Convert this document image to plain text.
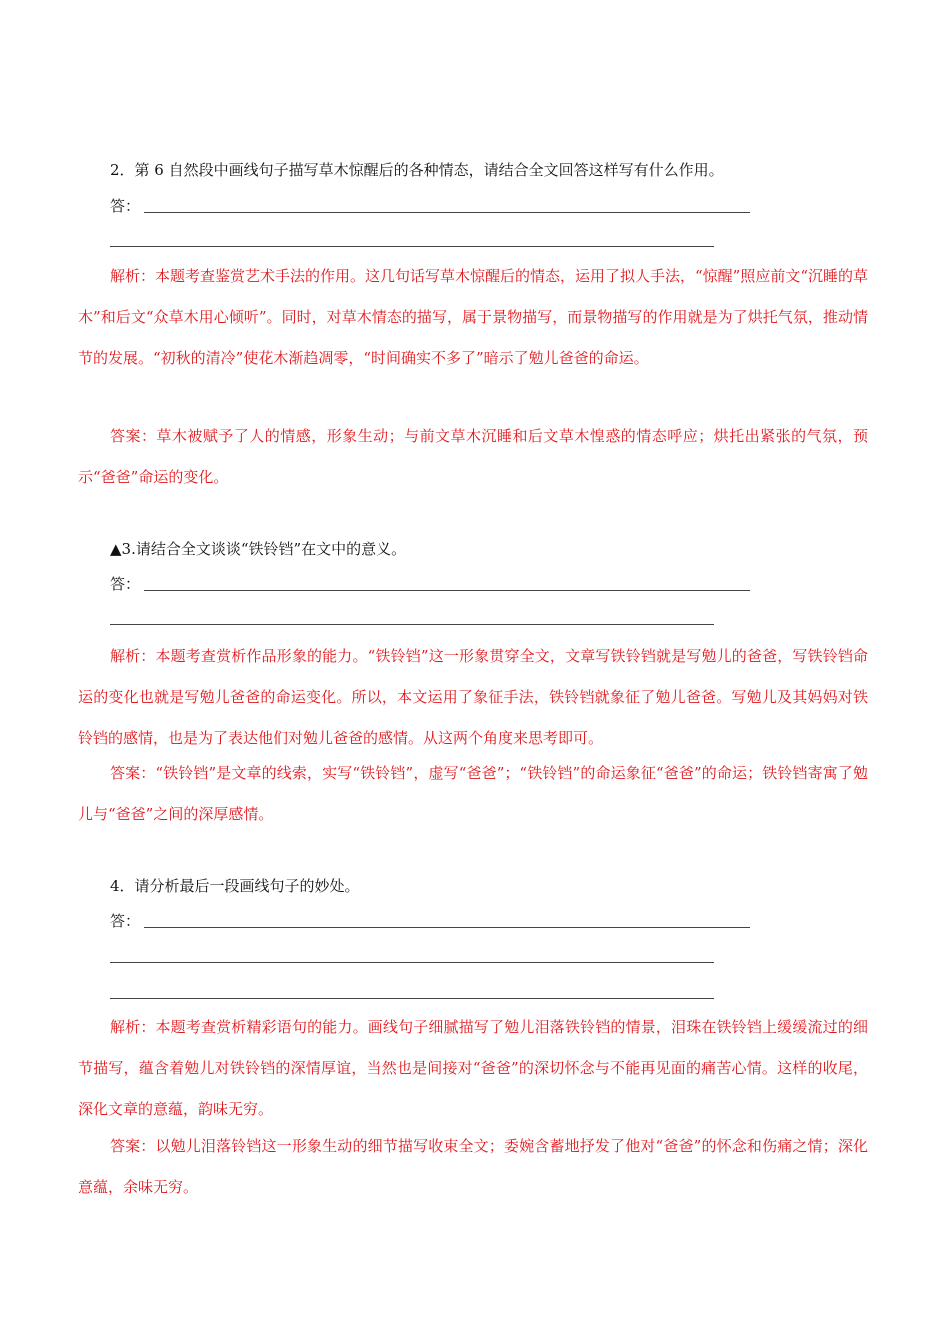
2．第 6 自然段中画线句子描写草木惊醒后的各种情态，请结合全文回答这样写有什么作用。
答：

解析：本题考查鉴赏艺术手法的作用。这几句话写草木惊醒后的情态，运用了拟人手法，“惊醒”照应前文“沉睡的草木”和后文“众草木用心倾听”。同时，对草木情态的描写，属于景物描写，而景物描写的作用就是为了烘托气氛，推动情节的发展。“初秋的清冷”使花木渐趋凋零，“时间确实不多了”暗示了勉儿爸爸的命运。

答案：草木被赋予了人的情感，形象生动；与前文草木沉睡和后文草木惶惑的情态呼应；烘托出紧张的气氛，预示“爸爸”命运的变化。

▲3.请结合全文谈谈“铁铃铛”在文中的意义。
答：

解析：本题考查赏析作品形象的能力。“铁铃铛”这一形象贯穿全文，文章写铁铃铛就是写勉儿的爸爸，写铁铃铛命运的变化也就是写勉儿爸爸的命运变化。所以，本文运用了象征手法，铁铃铛就象征了勉儿爸爸。写勉儿及其妈妈对铁铃铛的感情，也是为了表达他们对勉儿爸爸的感情。从这两个角度来思考即可。

答案：“铁铃铛”是文章的线索，实写“铁铃铛”，虚写“爸爸”；“铁铃铛”的命运象征“爸爸”的命运；铁铃铛寄寓了勉儿与“爸爸”之间的深厚感情。

4．请分析最后一段画线句子的妙处。
答：

解析：本题考查赏析精彩语句的能力。画线句子细腻描写了勉儿泪落铁铃铛的情景，泪珠在铁铃铛上缓缓流过的细节描写，蕴含着勉儿对铁铃铛的深情厚谊，当然也是间接对“爸爸”的深切怀念与不能再见面的痛苦心情。这样的收尾，深化文章的意蕴，韵味无穷。

答案：以勉儿泪落铃铛这一形象生动的细节描写收束全文；委婉含蓄地抒发了他对“爸爸”的怀念和伤痛之情；深化意蕴，余味无穷。
